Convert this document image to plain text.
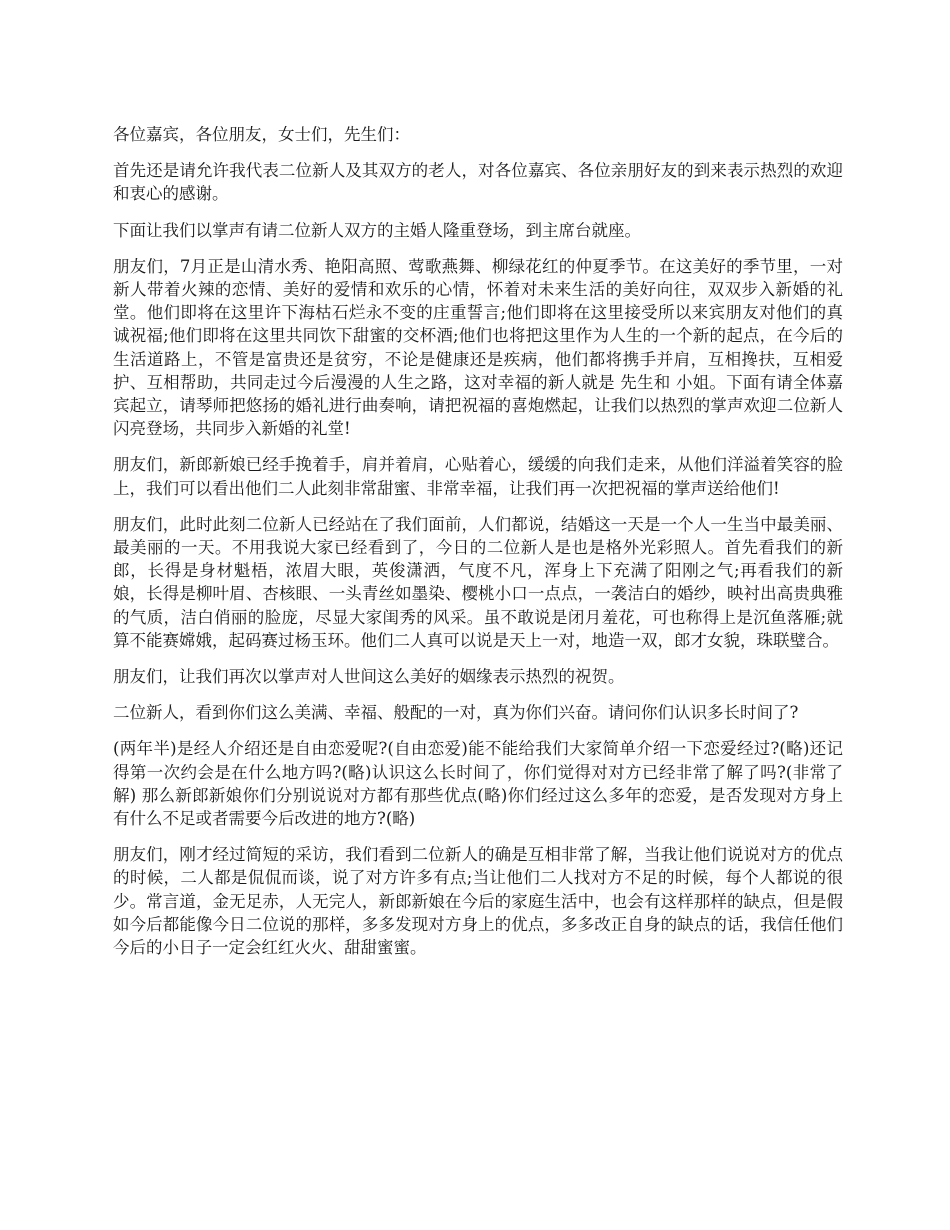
各位嘉宾，各位朋友，女士们，先生们：

首先还是请允许我代表二位新人及其双方的老人，对各位嘉宾、各位亲朋好友的到来表示热烈的欢迎和衷心的感谢。

下面让我们以掌声有请二位新人双方的主婚人隆重登场，到主席台就座。

朋友们，7月正是山清水秀、艳阳高照、莺歌燕舞、柳绿花红的仲夏季节。在这美好的季节里，一对新人带着火辣的恋情、美好的爱情和欢乐的心情，怀着对未来生活的美好向往，双双步入新婚的礼堂。他们即将在这里许下海枯石烂永不变的庄重誓言;他们即将在这里接受所以来宾朋友对他们的真诚祝福;他们即将在这里共同饮下甜蜜的交杯酒;他们也将把这里作为人生的一个新的起点，在今后的生活道路上，不管是富贵还是贫穷，不论是健康还是疾病，他们都将携手并肩，互相搀扶，互相爱护、互相帮助，共同走过今后漫漫的人生之路，这对幸福的新人就是 先生和 小姐。下面有请全体嘉宾起立，请琴师把悠扬的婚礼进行曲奏响，请把祝福的喜炮燃起，让我们以热烈的掌声欢迎二位新人闪亮登场，共同步入新婚的礼堂!

朋友们，新郎新娘已经手挽着手，肩并着肩，心贴着心，缓缓的向我们走来，从他们洋溢着笑容的脸上，我们可以看出他们二人此刻非常甜蜜、非常幸福，让我们再一次把祝福的掌声送给他们!

朋友们，此时此刻二位新人已经站在了我们面前，人们都说，结婚这一天是一个人一生当中最美丽、最美丽的一天。不用我说大家已经看到了，今日的二位新人是也是格外光彩照人。首先看我们的新郎，长得是身材魁梧，浓眉大眼，英俊潇洒，气度不凡，浑身上下充满了阳刚之气;再看我们的新娘，长得是柳叶眉、杏核眼、一头青丝如墨染、樱桃小口一点点，一袭洁白的婚纱，映衬出高贵典雅的气质，洁白俏丽的脸庞，尽显大家闺秀的风采。虽不敢说是闭月羞花，可也称得上是沉鱼落雁;就算不能赛嫦娥，起码赛过杨玉环。他们二人真可以说是天上一对，地造一双，郎才女貌，珠联璧合。

朋友们，让我们再次以掌声对人世间这么美好的姻缘表示热烈的祝贺。

二位新人，看到你们这么美满、幸福、般配的一对，真为你们兴奋。请问你们认识多长时间了?

(两年半)是经人介绍还是自由恋爱呢?(自由恋爱)能不能给我们大家简单介绍一下恋爱经过?(略)还记得第一次约会是在什么地方吗?(略)认识这么长时间了，你们觉得对对方已经非常了解了吗?(非常了解) 那么新郎新娘你们分别说说对方都有那些优点(略)你们经过这么多年的恋爱，是否发现对方身上有什么不足或者需要今后改进的地方?(略)

朋友们，刚才经过简短的采访，我们看到二位新人的确是互相非常了解，当我让他们说说对方的优点的时候，二人都是侃侃而谈，说了对方许多有点;当让他们二人找对方不足的时候，每个人都说的很少。常言道，金无足赤，人无完人，新郎新娘在今后的家庭生活中，也会有这样那样的缺点，但是假如今后都能像今日二位说的那样，多多发现对方身上的优点，多多改正自身的缺点的话，我信任他们今后的小日子一定会红红火火、甜甜蜜蜜。
